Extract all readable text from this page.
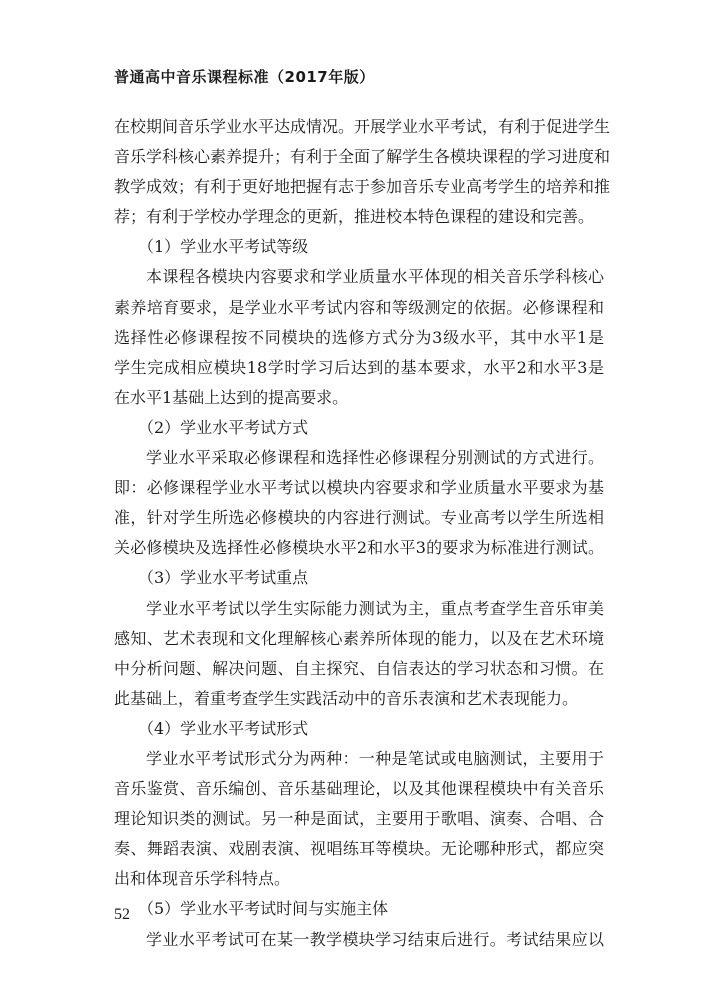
普通高中音乐课程标准（2017年版）
在校期间音乐学业水平达成情况。开展学业水平考试，有利于促进学生
音乐学科核心素养提升；有利于全面了解学生各模块课程的学习进度和
教学成效；有利于更好地把握有志于参加音乐专业高考学生的培养和推
荐；有利于学校办学理念的更新，推进校本特色课程的建设和完善。
（1）学业水平考试等级
本课程各模块内容要求和学业质量水平体现的相关音乐学科核心
素养培育要求，是学业水平考试内容和等级测定的依据。必修课程和
选择性必修课程按不同模块的选修方式分为3级水平，其中水平1是
学生完成相应模块18学时学习后达到的基本要求，水平2和水平3是
在水平1基础上达到的提高要求。
（2）学业水平考试方式
学业水平采取必修课程和选择性必修课程分别测试的方式进行。
即：必修课程学业水平考试以模块内容要求和学业质量水平要求为基
准，针对学生所选必修模块的内容进行测试。专业高考以学生所选相
关必修模块及选择性必修模块水平2和水平3的要求为标准进行测试。
（3）学业水平考试重点
学业水平考试以学生实际能力测试为主，重点考查学生音乐审美
感知、艺术表现和文化理解核心素养所体现的能力，以及在艺术环境
中分析问题、解决问题、自主探究、自信表达的学习状态和习惯。在
此基础上，着重考查学生实践活动中的音乐表演和艺术表现能力。
（4）学业水平考试形式
学业水平考试形式分为两种：一种是笔试或电脑测试，主要用于
音乐鉴赏、音乐编创、音乐基础理论，以及其他课程模块中有关音乐
理论知识类的测试。另一种是面试，主要用于歌唱、演奏、合唱、合
奏、舞蹈表演、戏剧表演、视唱练耳等模块。无论哪种形式，都应突
出和体现音乐学科特点。
（5）学业水平考试时间与实施主体
学业水平考试可在某一教学模块学习结束后进行。考试结果应以
52
